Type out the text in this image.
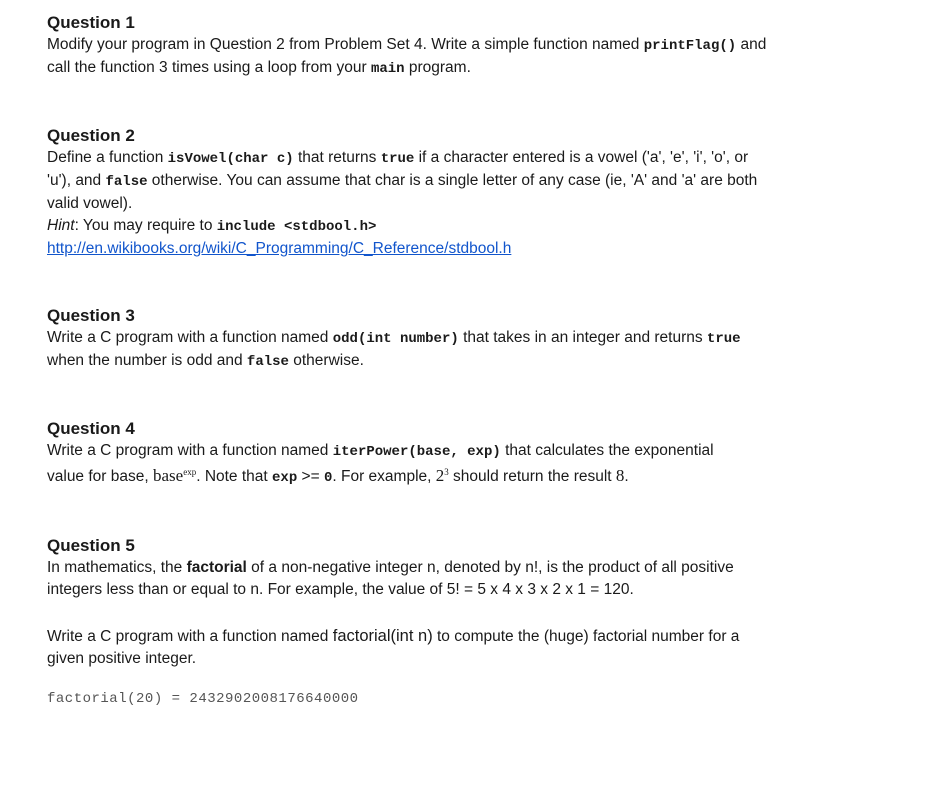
Question 1

Modify your program in Question 2 from Problem Set 4. Write a simple function named printFlag() and

call the function 3 times using a loop from your main program.

Question 2

Define a function isVowel(char c) that returns true if a character entered is a vowel ('a', 'e', 'i', 'o', or

'u'), and false otherwise. You can assume that char is a single letter of any case (ie, 'A' and 'a' are both

valid vowel).

Hint: You may require to include <stdbool.h>

http://en.wikibooks.org/wiki/C_Programming/C_Reference/stdbool.h

Question 3

Write a C program with a function named odd(int number) that takes in an integer and returns true

when the number is odd and false otherwise.

Question 4

Write a C program with a function named iterPower(base, exp) that calculates the exponential

value for base, base$^{exp}$. Note that exp >= 0. For example, $2^3$ should return the result 8.

Question 5

In mathematics, the factorial of a non-negative integer n, denoted by n!, is the product of all positive

integers less than or equal to n. For example, the value of 5! = 5 x 4 x 3 x 2 x 1 = 120.

Write a C program with a function named factorial(int n) to compute the (huge) factorial number for a

given positive integer.

factorial(20) = 2432902008176640000
